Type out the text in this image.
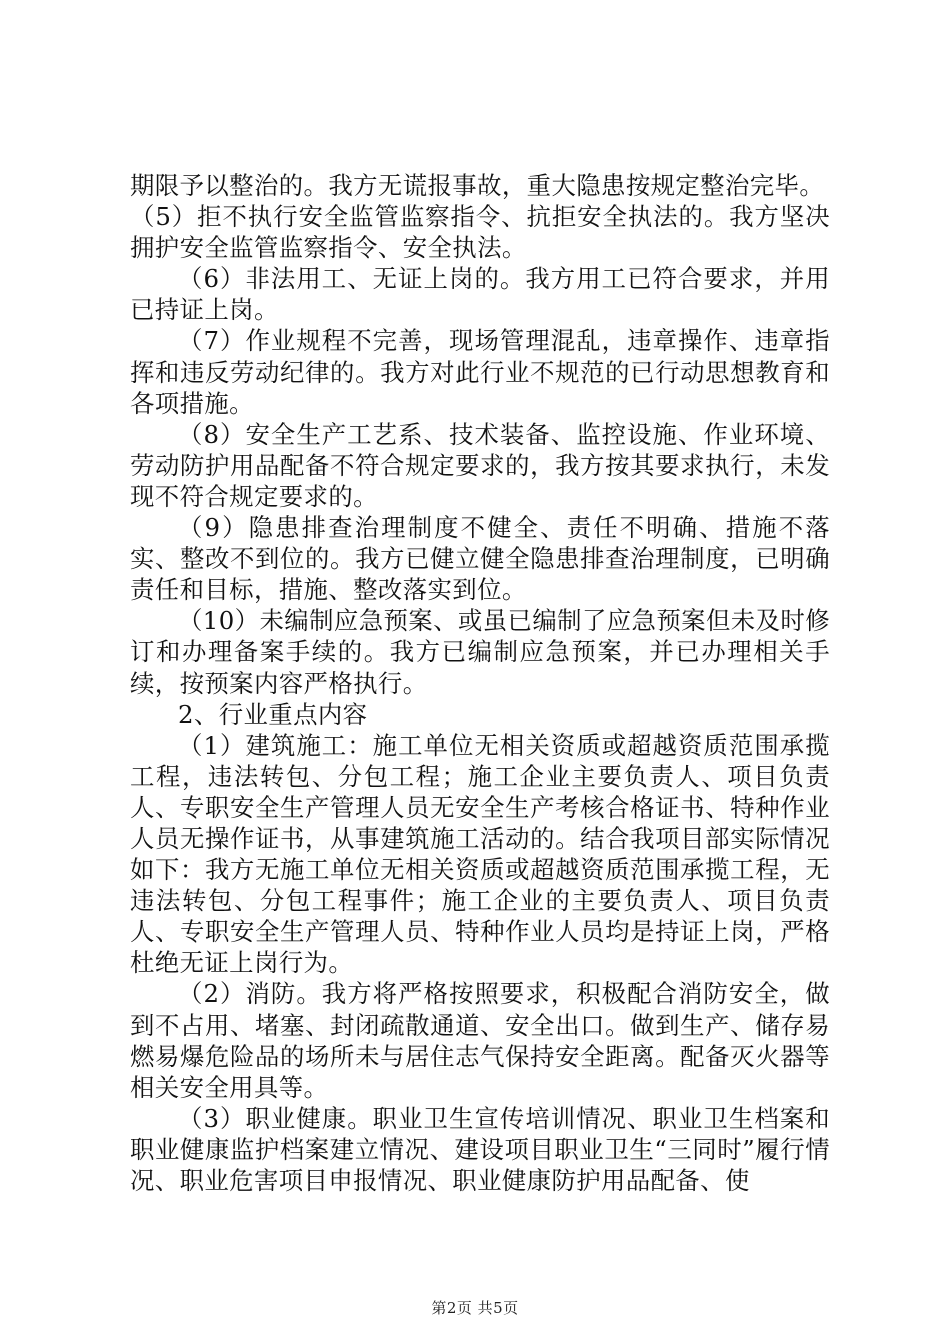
期限予以整治的。我方无谎报事故，重大隐患按规定整治完毕。

（5）拒不执行安全监管监察指令、抗拒安全执法的。我方坚决拥护安全监管监察指令、安全执法。

（6）非法用工、无证上岗的。我方用工已符合要求，并用已持证上岗。

（7）作业规程不完善，现场管理混乱，违章操作、违章指挥和违反劳动纪律的。我方对此行业不规范的已行动思想教育和各项措施。

（8）安全生产工艺系、技术装备、监控设施、作业环境、劳动防护用品配备不符合规定要求的，我方按其要求执行，未发现不符合规定要求的。

（9）隐患排查治理制度不健全、责任不明确、措施不落实、整改不到位的。我方已健立健全隐患排查治理制度，已明确责任和目标，措施、整改落实到位。

（10）未编制应急预案、或虽已编制了应急预案但未及时修订和办理备案手续的。我方已编制应急预案，并已办理相关手续，按预案内容严格执行。

2、行业重点内容

（1）建筑施工：施工单位无相关资质或超越资质范围承揽工程，违法转包、分包工程；施工企业主要负责人、项目负责人、专职安全生产管理人员无安全生产考核合格证书、特种作业人员无操作证书，从事建筑施工活动的。结合我项目部实际情况如下：我方无施工单位无相关资质或超越资质范围承揽工程，无违法转包、分包工程事件；施工企业的主要负责人、项目负责人、专职安全生产管理人员、特种作业人员均是持证上岗，严格杜绝无证上岗行为。

（2）消防。我方将严格按照要求，积极配合消防安全，做到不占用、堵塞、封闭疏散通道、安全出口。做到生产、储存易燃易爆危险品的场所未与居住志气保持安全距离。配备灭火器等相关安全用具等。

（3）职业健康。职业卫生宣传培训情况、职业卫生档案和职业健康监护档案建立情况、建设项目职业卫生“三同时”履行情况、职业危害项目申报情况、职业健康防护用品配备、使

第2页 共5页
